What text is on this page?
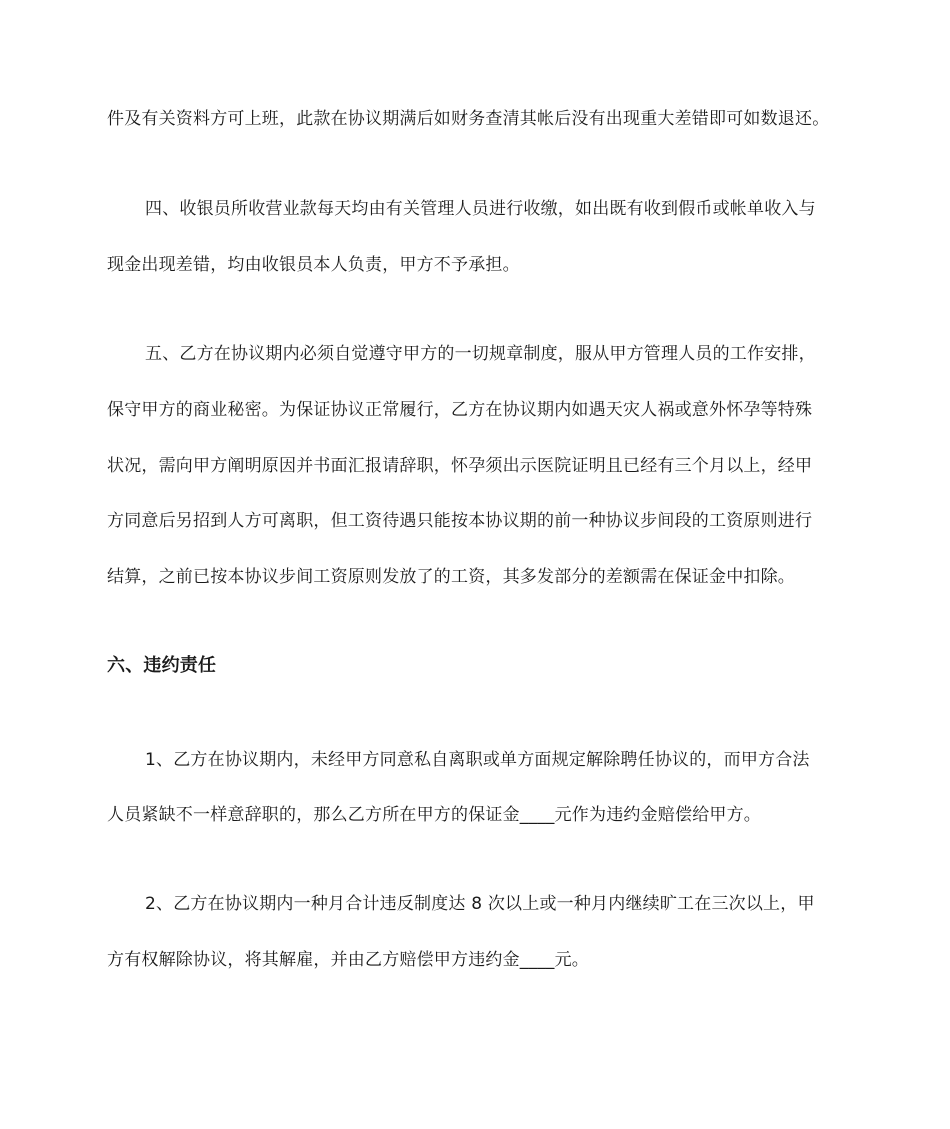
件及有关资料方可上班，此款在协议期满后如财务查清其帐后没有出现重大差错即可如数退还。
四、收银员所收营业款每天均由有关管理人员进行收缴，如出既有收到假币或帐单收入与
现金出现差错，均由收银员本人负责，甲方不予承担。
五、乙方在协议期内必须自觉遵守甲方的一切规章制度，服从甲方管理人员的工作安排，
保守甲方的商业秘密。为保证协议正常履行，乙方在协议期内如遇天灾人祸或意外怀孕等特殊
状况，需向甲方阐明原因并书面汇报请辞职，怀孕须出示医院证明且已经有三个月以上，经甲
方同意后另招到人方可离职，但工资待遇只能按本协议期的前一种协议步间段的工资原则进行
结算，之前已按本协议步间工资原则发放了的工资，其多发部分的差额需在保证金中扣除。
六、违约责任
1、乙方在协议期内，未经甲方同意私自离职或单方面规定解除聘任协议的，而甲方合法
人员紧缺不一样意辞职的，那么乙方所在甲方的保证金____元作为违约金赔偿给甲方。
2、乙方在协议期内一种月合计违反制度达 8 次以上或一种月内继续旷工在三次以上，甲
方有权解除协议，将其解雇，并由乙方赔偿甲方违约金____元。
